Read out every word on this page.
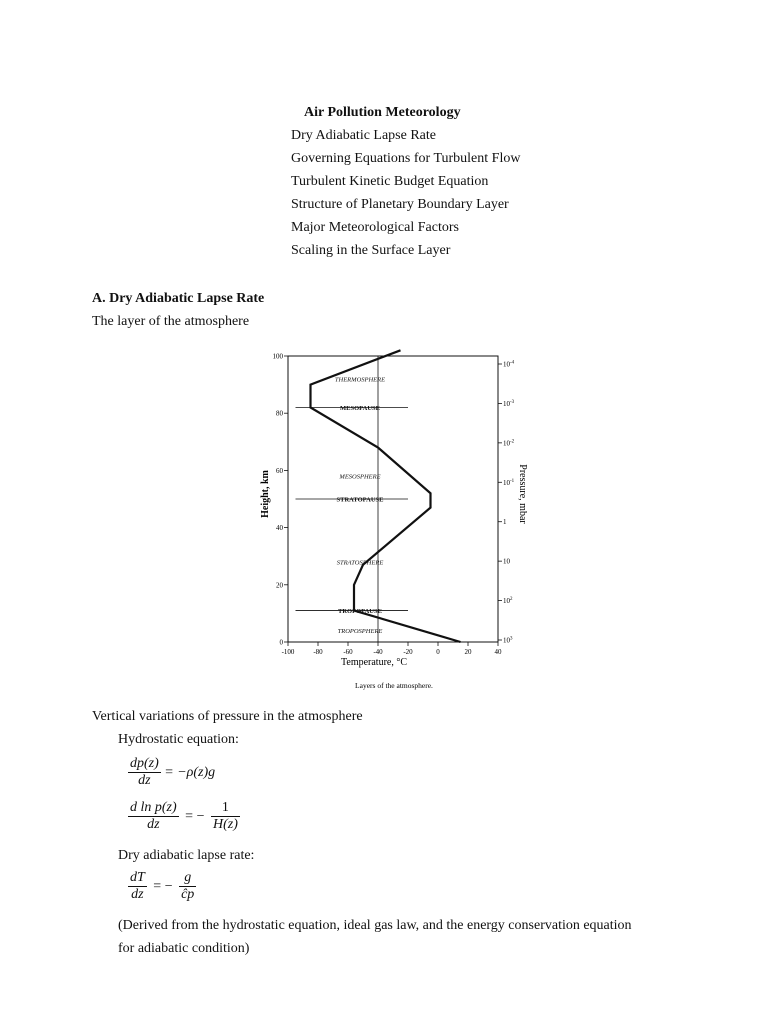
Air Pollution Meteorology
Dry Adiabatic Lapse Rate
Governing Equations for Turbulent Flow
Turbulent Kinetic Budget Equation
Structure of Planetary Boundary Layer
Major Meteorological Factors
Scaling in the Surface Layer
A. Dry Adiabatic Lapse Rate
The layer of the atmosphere
-100	-80	-60	-40	-20	0	20	40
0
20
40
60
80
100
$10^3$
$10^2$
10
1
$10^{-1}$
$10^{-2}$
$10^{-3}$
$10^{-4}$
THERMOSPHERE
MESOPAUSE
MESOSPHERE
STRATOPAUSE
STRATOSPHERE
TROPOPAUSE
TROPOSPHERE
Temperature, °C
Height, km	Pressure, mbar
Layers of the atmosphere.
Vertical variations of pressure in the atmosphere
Hydrostatic equation:
$\frac{dp(z)}{dz} = -\rho(z)g$
$\frac{\text{d ln p(z)}}{dz}$ = − $\frac{1}{H(z)}$
Dry adiabatic lapse rate:
$\frac{dT}{dz}$ = − $\frac{g}{ĉp}$
(Derived from the hydrostatic equation, ideal gas law, and the energy conservation equation
for adiabatic condition)
